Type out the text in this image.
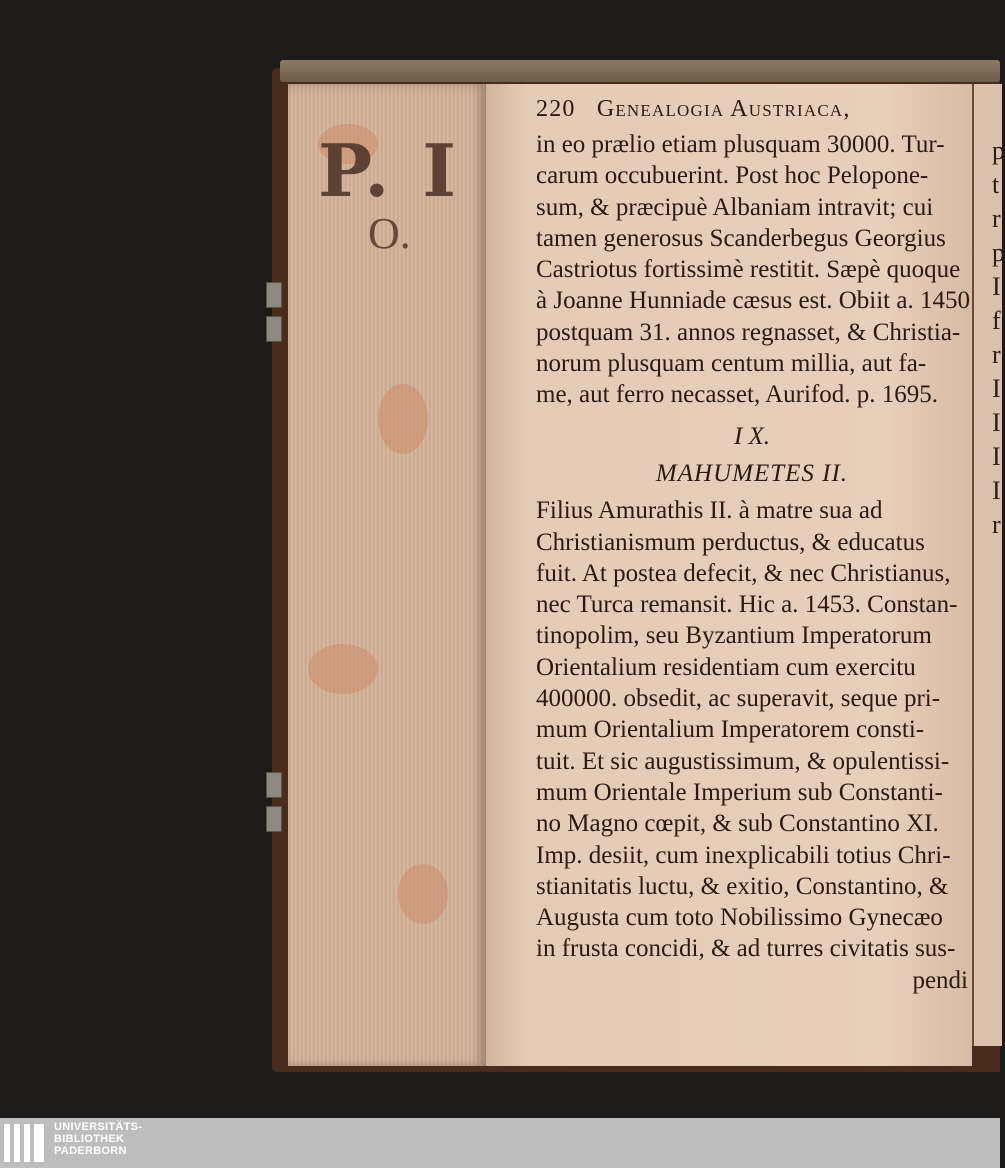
P. I
O.
p
t
r
p
I
f
r
I
I
I
I
r
220 Genealogia Austriaca,
in eo prælio etiam plusquam 30000. Tur-
carum occubuerint. Post hoc Pelopone-
sum, & præcipuè Albaniam intravit; cui
tamen generosus Scanderbegus Georgius
Castriotus fortissimè restitit. Sæpè quoque
à Joanne Hunniade cæsus est. Obiit a. 1450
postquam 31. annos regnasset, & Christia-
norum plusquam centum millia, aut fa-
me, aut ferro necasset, Aurifod. p. 1695.
I X.
MAHUMETES II.
Filius Amurathis II. à matre sua ad
Christianismum perductus, & educatus
fuit. At postea defecit, & nec Christianus,
nec Turca remansit. Hic a. 1453. Constan-
tinopolim, seu Byzantium Imperatorum
Orientalium residentiam cum exercitu
400000. obsedit, ac superavit, seque pri-
mum Orientalium Imperatorem consti-
tuit. Et sic augustissimum, & opulentissi-
mum Orientale Imperium sub Constanti-
no Magno cœpit, & sub Constantino XI.
Imp. desiit, cum inexplicabili totius Chri-
stianitatis luctu, & exitio, Constantino, &
Augusta cum toto Nobilissimo Gynecæo
in frusta concidi, & ad turres civitatis sus-
pendi
UNIVERSITÄTS-
BIBLIOTHEK
PADERBORN
